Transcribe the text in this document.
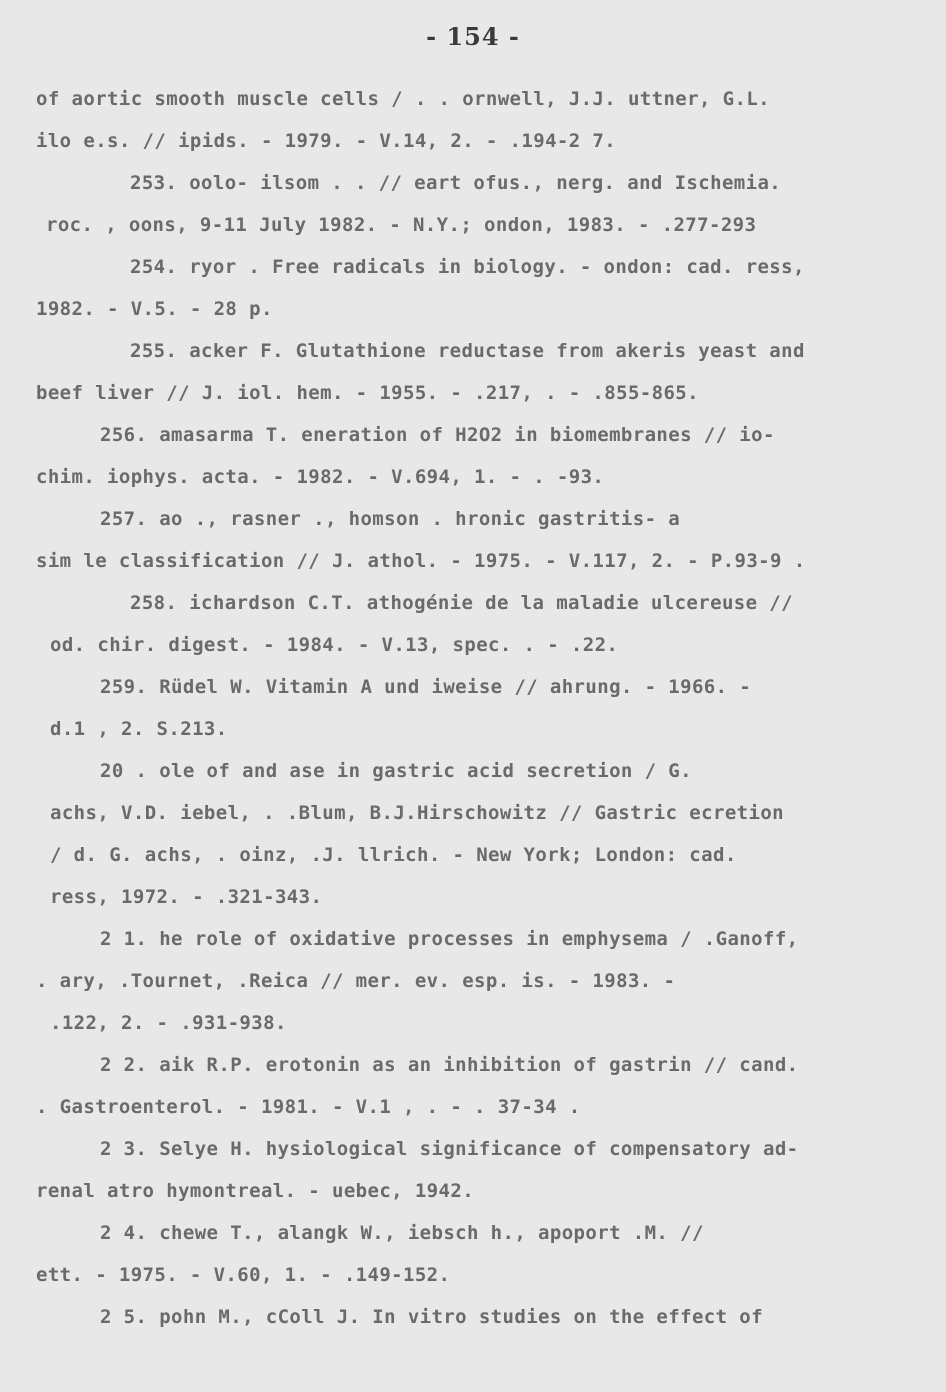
- 154 -
of aortic smooth muscle cells / . . ornwell, J.J. uttner, G.L.
ilo e.s. // ipids. - 1979. - V.14, 2. - .194-2 7.
253. oolo- ilsom . . // eart ofus., nerg. and Ischemia.
roc. , oons, 9-11 July 1982. - N.Y.; ondon, 1983. - .277-293
254. ryor . Free radicals in biology. - ondon: cad. ress,
1982. - V.5. - 28 p.
255. acker F. Glutathione reductase from akeris yeast and
beef liver // J. iol. hem. - 1955. - .217, . - .855-865.
256. amasarma T. eneration of H2O2 in biomembranes // io-
chim. iophys. acta. - 1982. - V.694, 1. - . -93.
257. ao ., rasner ., homson . hronic gastritis- a
sim le classification // J. athol. - 1975. - V.117, 2. - P.93-9 .
258. ichardson C.T. athogénie de la maladie ulcereuse //
od. chir. digest. - 1984. - V.13, spec. . - .22.
259. Rüdel W. Vitamin A und iweise // ahrung. - 1966. -
d.1 , 2. S.213.
20 . ole of and ase in gastric acid secretion / G.
achs, V.D. iebel, . .Blum, B.J.Hirschowitz // Gastric ecretion
/ d. G. achs, . oinz, .J. llrich. - New York; London: cad.
ress, 1972. - .321-343.
2 1. he role of oxidative processes in emphysema / .Ganoff,
. ary, .Tournet, .Reica // mer. ev. esp. is. - 1983. -
.122, 2. - .931-938.
2 2. aik R.P. erotonin as an inhibition of gastrin // cand.
. Gastroenterol. - 1981. - V.1 , . - . 37-34 .
2 3. Selye H. hysiological significance of compensatory ad-
renal atro hymontreal. - uebec, 1942.
2 4. chewe T., alangk W., iebsch h., apoport .M. //
ett. - 1975. - V.60, 1. - .149-152.
2 5. pohn M., cColl J. In vitro studies on the effect of
